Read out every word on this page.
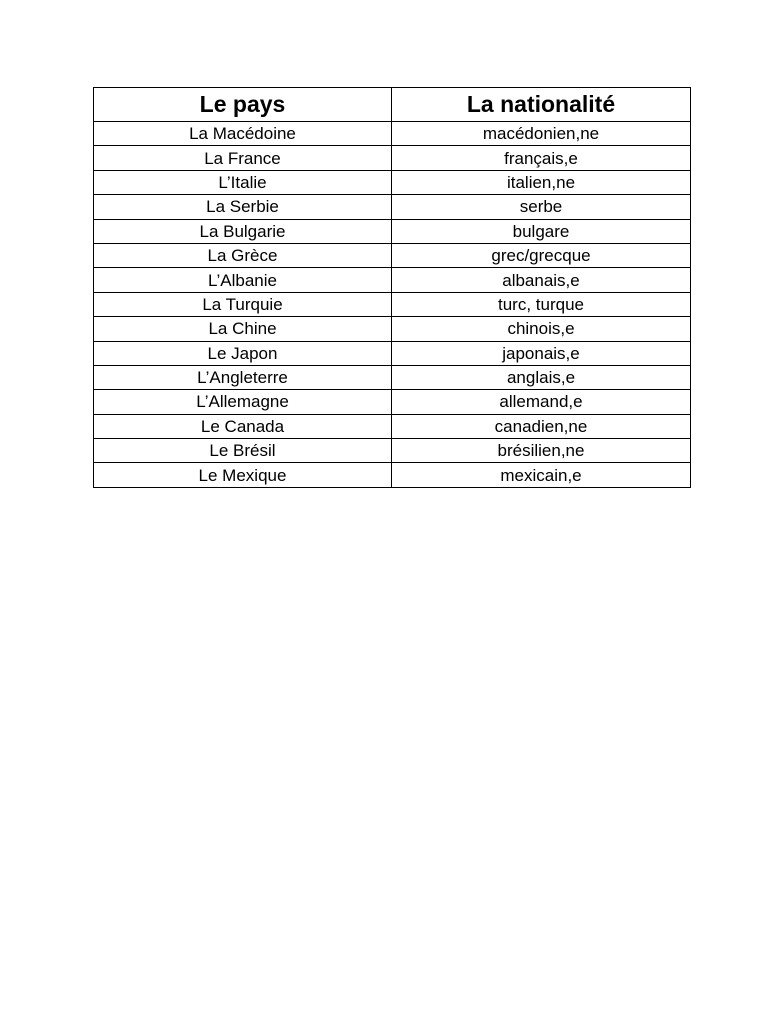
Le pays	La nationalité
La Macédoine	macédonien,ne
La France	français,e
L’Italie	italien,ne
La Serbie	serbe
La Bulgarie	bulgare
La Grèce	grec/grecque
L’Albanie	albanais,e
La Turquie	turc, turque
La Chine	chinois,e
Le Japon	japonais,e
L’Angleterre	anglais,e
L’Allemagne	allemand,e
Le Canada	canadien,ne
Le Brésil	brésilien,ne
Le Mexique	mexicain,e
